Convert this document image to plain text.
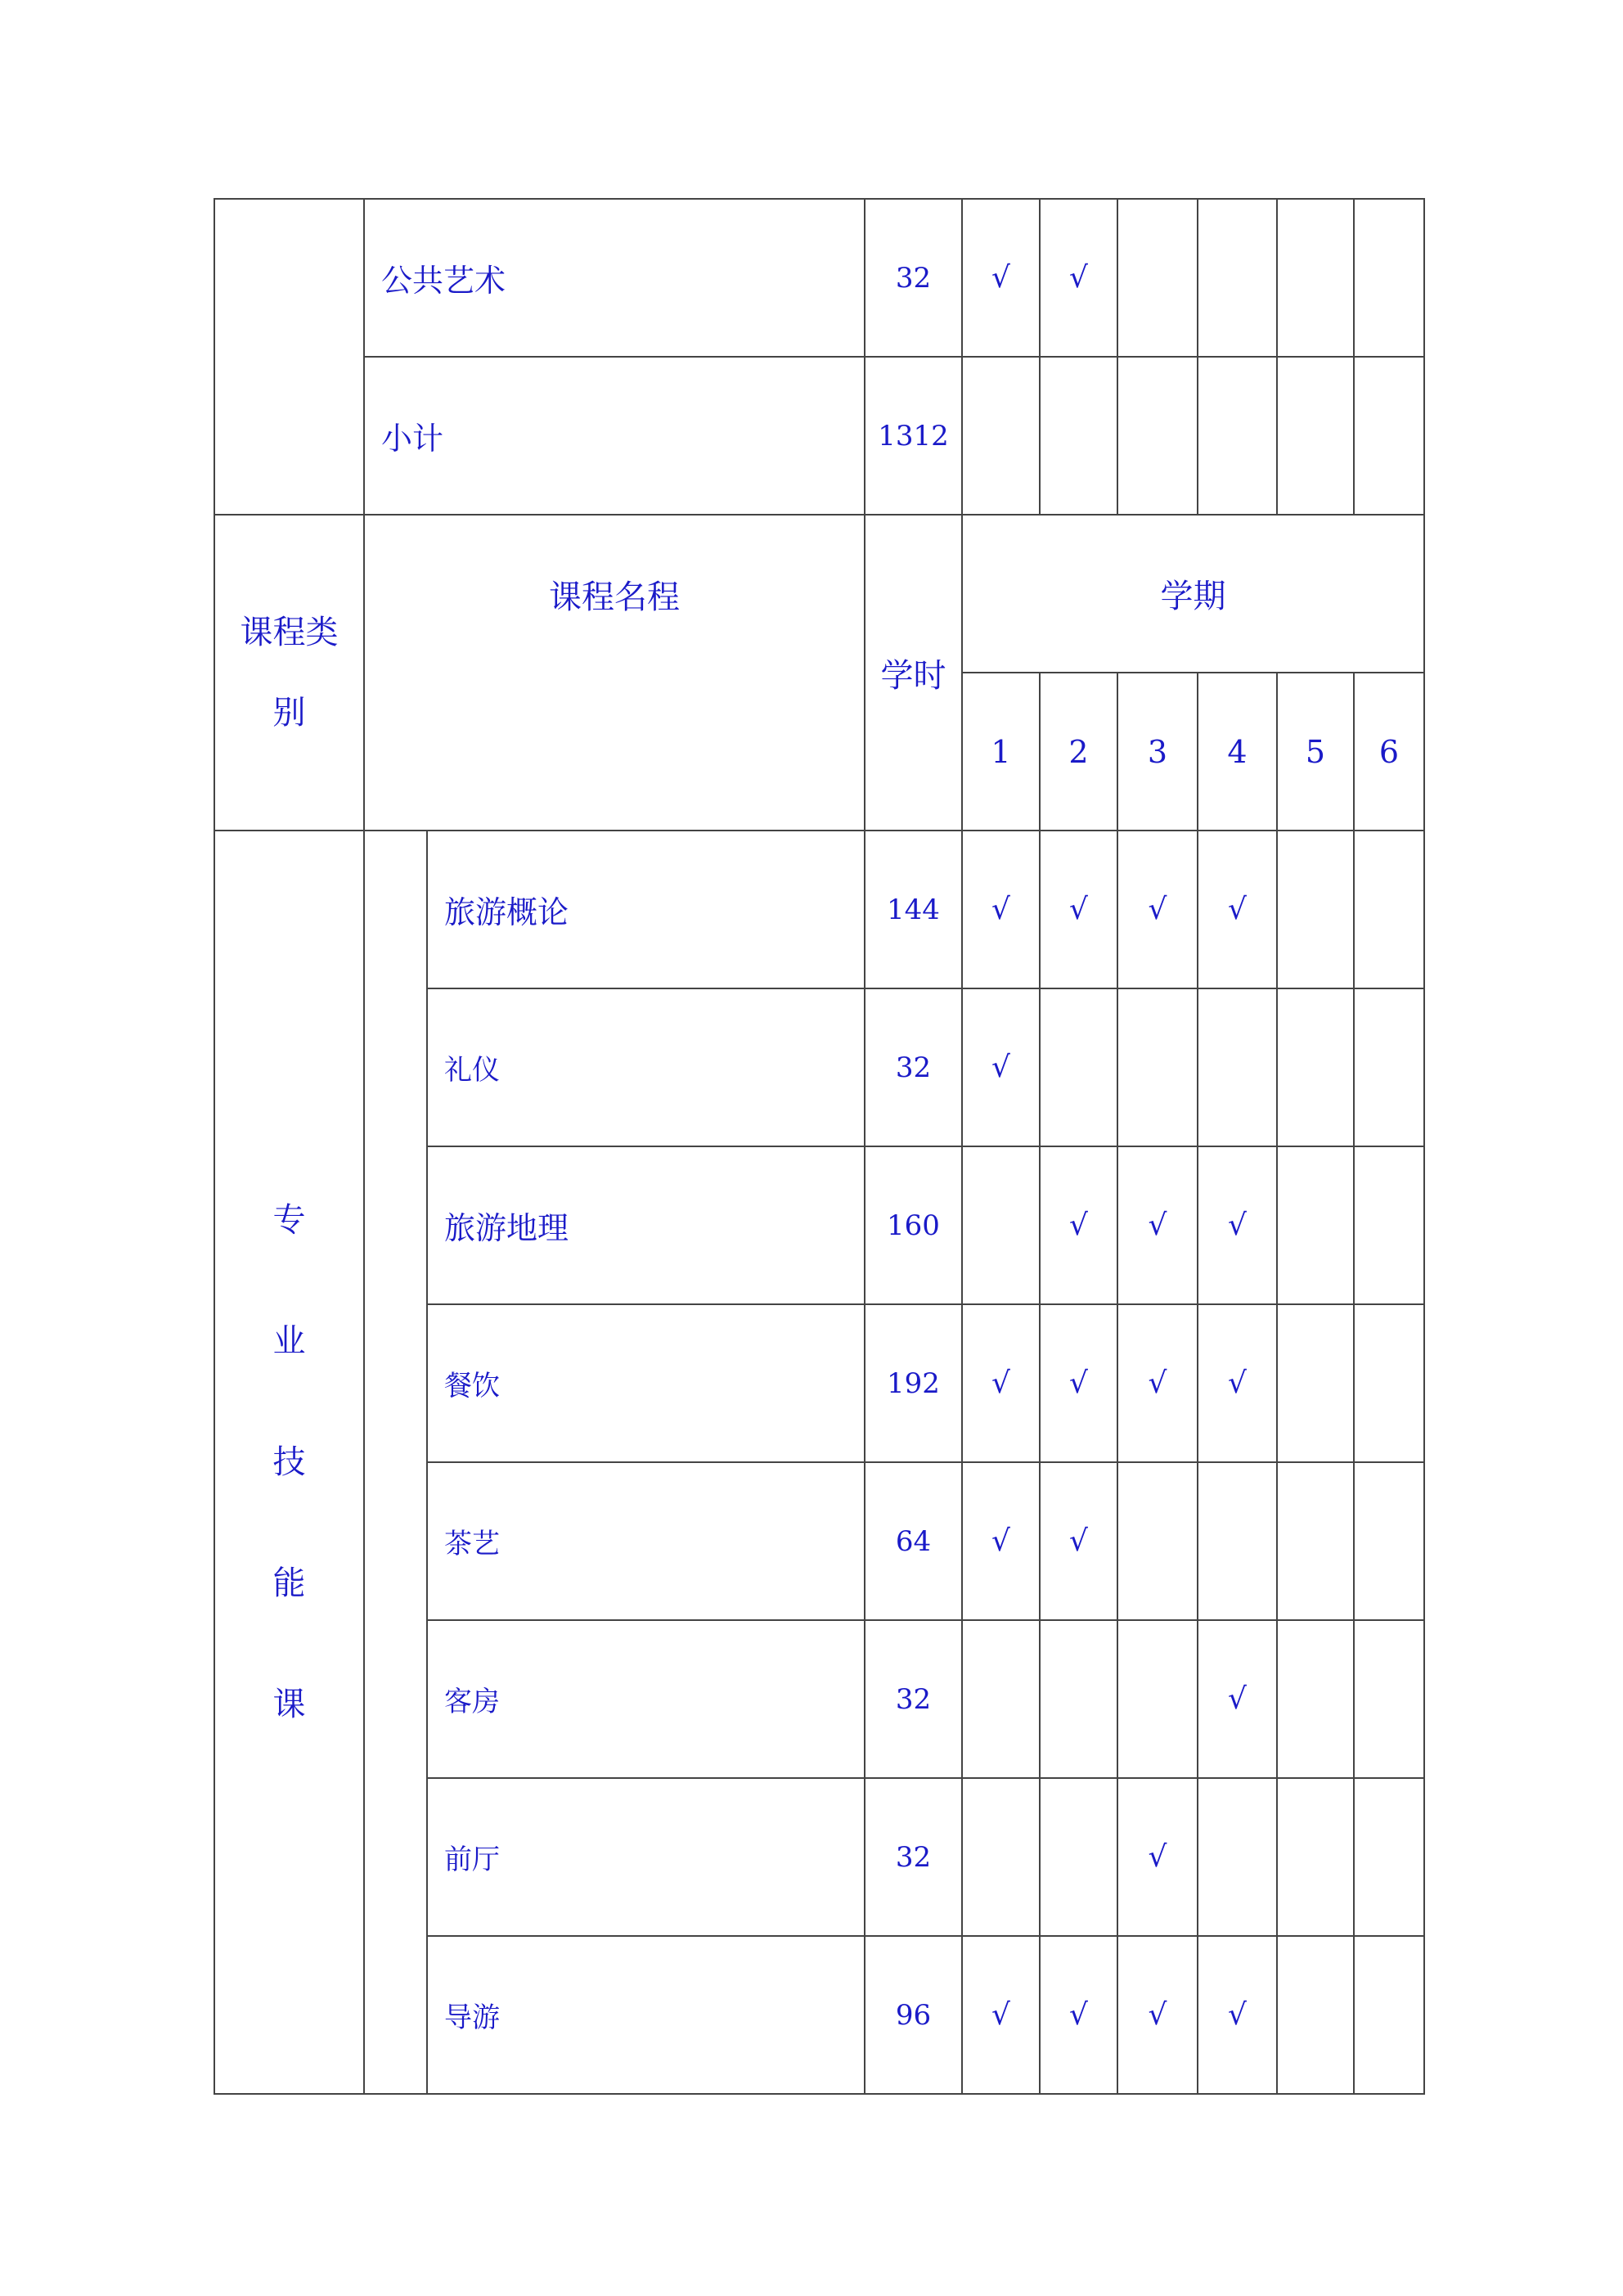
	公共艺术		32	√	√				
	小计		1312						

课程类
别	课程名程		学时	学期					
				1	2	3	4	5	6

专
业
技
能
课		旅游概论	144	√	√	√	√		
		礼仪	32	√					
		旅游地理	160		√	√	√		
		餐饮	192	√	√	√	√		
		茶艺	64	√	√				
		客房	32				√		
		前厅	32			√			
		导游	96	√	√	√	√		
